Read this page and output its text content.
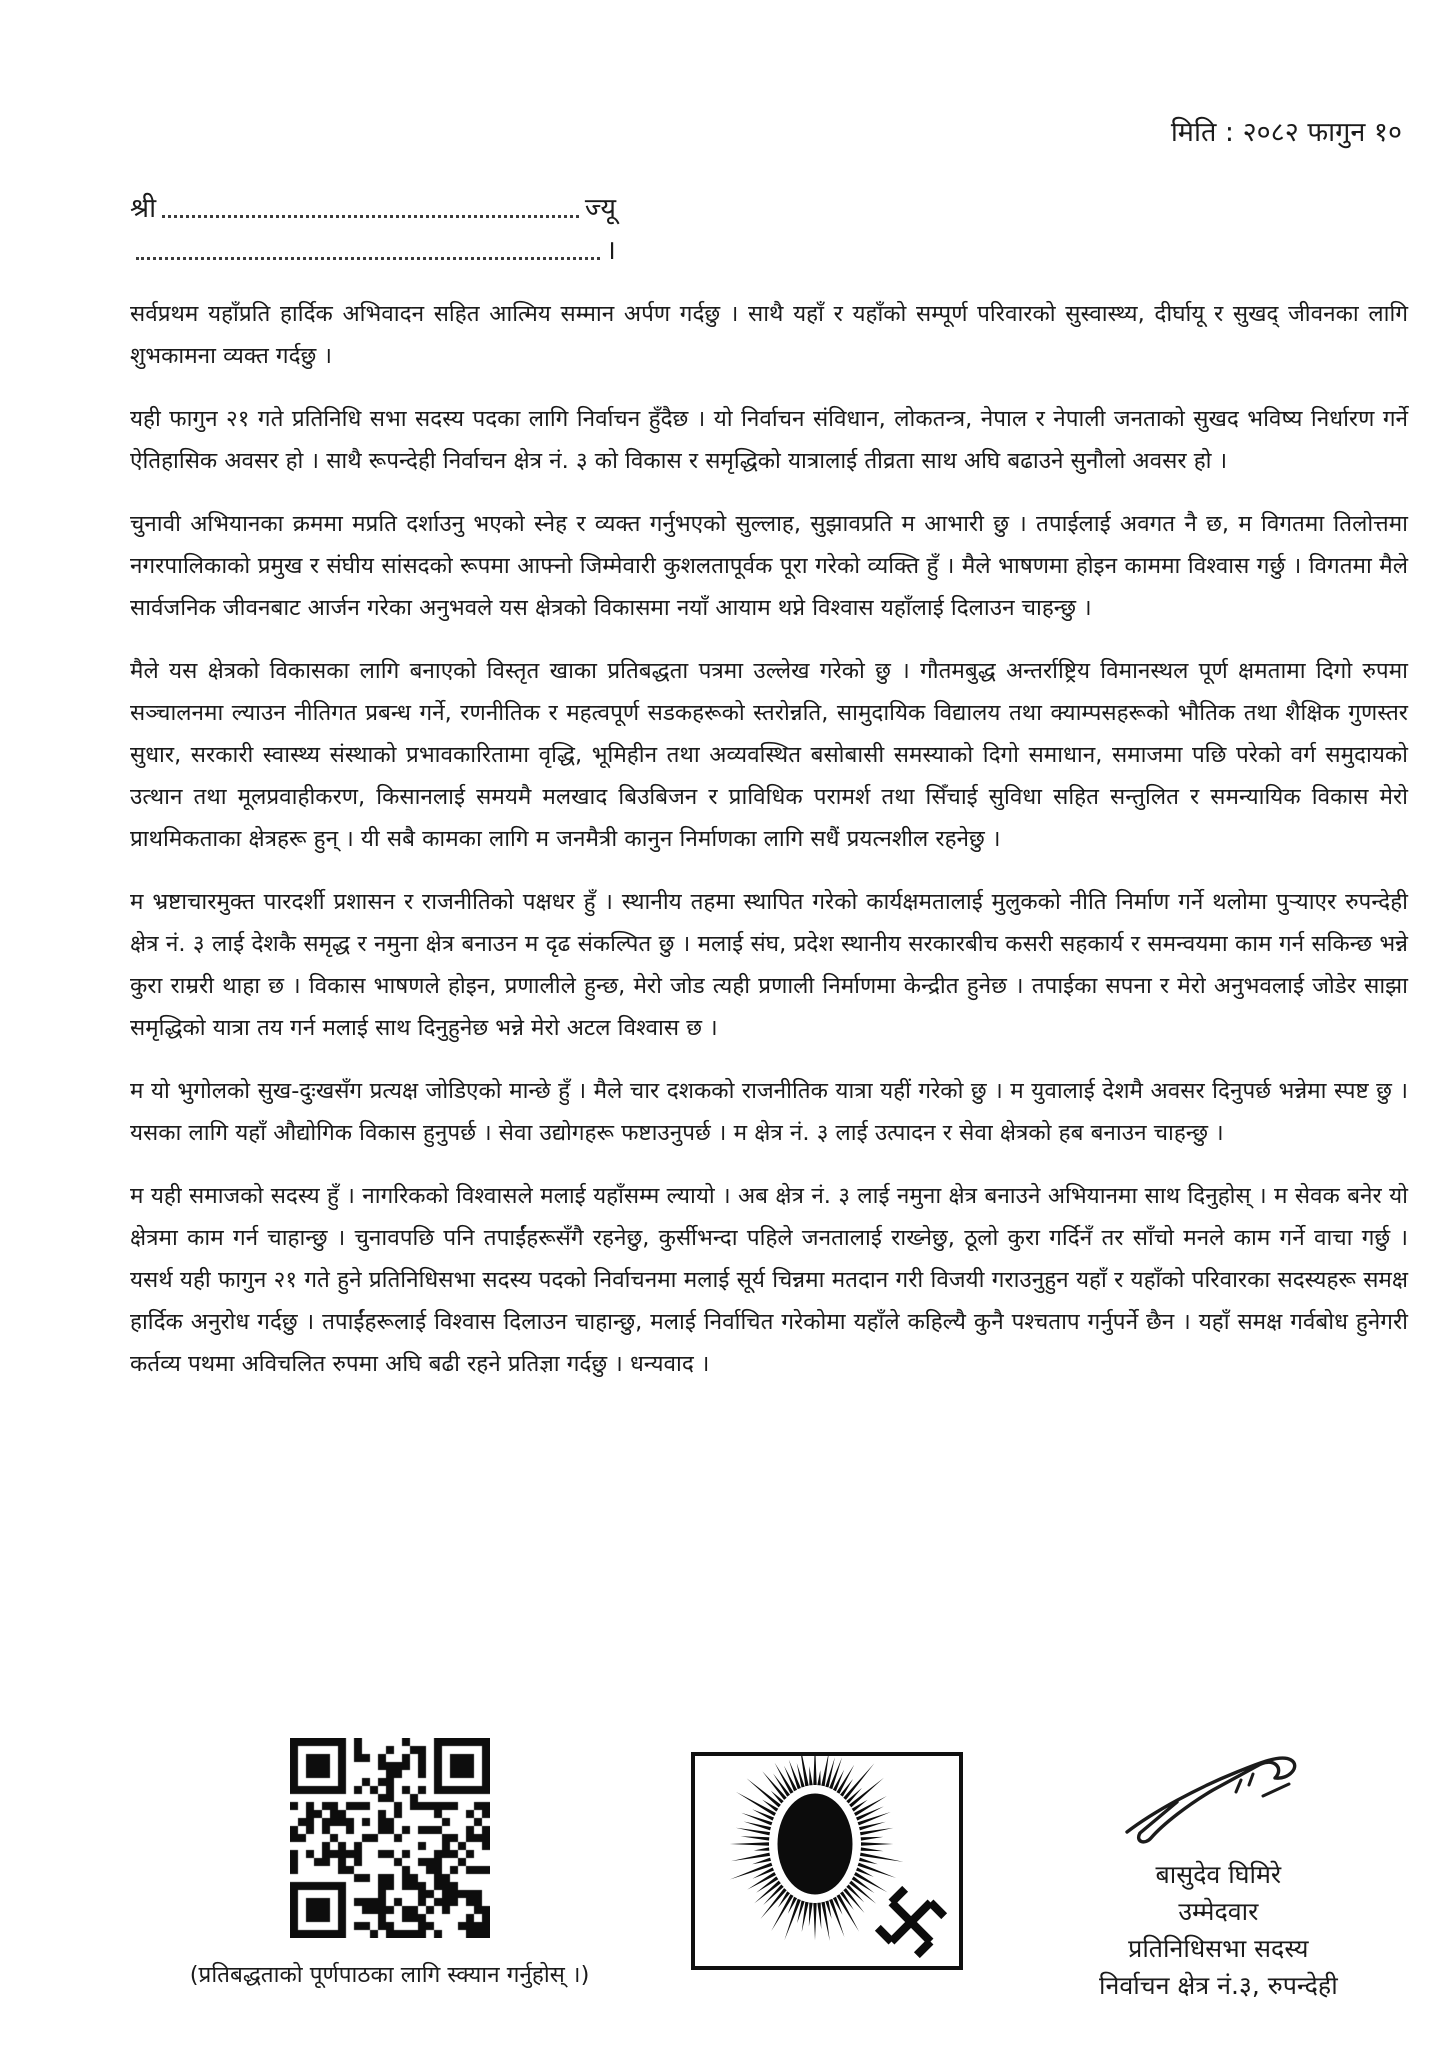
मिति : २०८२ फागुन १०
श्री	ज्यू
।

सर्वप्रथम यहाँप्रति हार्दिक अभिवादन सहित आत्मिय सम्मान अर्पण गर्दछु । साथै यहाँ र यहाँको सम्पूर्ण परिवारको सुस्वास्थ्य, दीर्घायू र सुखद् जीवनका लागि शुभकामना व्यक्त गर्दछु ।

यही फागुन २१ गते प्रतिनिधि सभा सदस्य पदका लागि निर्वाचन हुँदैछ । यो निर्वाचन संविधान, लोकतन्त्र, नेपाल र नेपाली जनताको सुखद भविष्य निर्धारण गर्ने ऐतिहासिक अवसर हो । साथै रूपन्देही निर्वाचन क्षेत्र नं. ३ को विकास र समृद्धिको यात्रालाई तीव्रता साथ अघि बढाउने सुनौलो अवसर हो ।

चुनावी अभियानका क्रममा मप्रति दर्शाउनु भएको स्नेह र व्यक्त गर्नुभएको सुल्लाह, सुझावप्रति म आभारी छु । तपाईलाई अवगत नै छ, म विगतमा तिलोत्तमा नगरपालिकाको प्रमुख र संघीय सांसदको रूपमा आफ्नो जिम्मेवारी कुशलतापूर्वक पूरा गरेको व्यक्ति हुँ । मैले भाषणमा होइन काममा विश्वास गर्छु । विगतमा मैले सार्वजनिक जीवनबाट आर्जन गरेका अनुभवले यस क्षेत्रको विकासमा नयाँ आयाम थप्ने विश्वास यहाँलाई दिलाउन चाहन्छु ।

मैले यस क्षेत्रको विकासका लागि बनाएको विस्तृत खाका प्रतिबद्धता पत्रमा उल्लेख गरेको छु । गौतमबुद्ध अन्तर्राष्ट्रिय विमानस्थल पूर्ण क्षमतामा दिगो रुपमा सञ्चालनमा ल्याउन नीतिगत प्रबन्ध गर्ने, रणनीतिक र महत्वपूर्ण सडकहरूको स्तरोन्नति, सामुदायिक विद्यालय तथा क्याम्पसहरूको भौतिक तथा शैक्षिक गुणस्तर सुधार, सरकारी स्वास्थ्य संस्थाको प्रभावकारितामा वृद्धि, भूमिहीन तथा अव्यवस्थित बसोबासी समस्याको दिगो समाधान, समाजमा पछि परेको वर्ग समुदायको उत्थान तथा मूलप्रवाहीकरण, किसानलाई समयमै मलखाद बिउबिजन र प्राविधिक परामर्श तथा सिँचाई सुविधा सहित सन्तुलित र समन्यायिक विकास मेरो प्राथमिकताका क्षेत्रहरू हुन् । यी सबै कामका लागि म जनमैत्री कानुन निर्माणका लागि सधैं प्रयत्नशील रहनेछु ।

म भ्रष्टाचारमुक्त पारदर्शी प्रशासन र राजनीतिको पक्षधर हुँ । स्थानीय तहमा स्थापित गरेको कार्यक्षमतालाई मुलुकको नीति निर्माण गर्ने थलोमा पुऱ्याएर रुपन्देही क्षेत्र नं. ३ लाई देशकै समृद्ध र नमुना क्षेत्र बनाउन म दृढ संकल्पित छु । मलाई संघ, प्रदेश स्थानीय सरकारबीच कसरी सहकार्य र समन्वयमा काम गर्न सकिन्छ भन्ने कुरा राम्ररी थाहा छ । विकास भाषणले होइन, प्रणालीले हुन्छ, मेरो जोड त्यही प्रणाली निर्माणमा केन्द्रीत हुनेछ । तपाईका सपना र मेरो अनुभवलाई जोडेर साझा समृद्धिको यात्रा तय गर्न मलाई साथ दिनुहुनेछ भन्ने मेरो अटल विश्वास छ ।

म यो भुगोलको सुख-दुःखसँग प्रत्यक्ष जोडिएको मान्छे हुँ । मैले चार दशकको राजनीतिक यात्रा यहीं गरेको छु । म युवालाई देशमै अवसर दिनुपर्छ भन्नेमा स्पष्ट छु । यसका लागि यहाँ औद्योगिक विकास हुनुपर्छ । सेवा उद्योगहरू फष्टाउनुपर्छ । म क्षेत्र नं. ३ लाई उत्पादन र सेवा क्षेत्रको हब बनाउन चाहन्छु ।

म यही समाजको सदस्य हुँ । नागरिकको विश्वासले मलाई यहाँसम्म ल्यायो । अब क्षेत्र नं. ३ लाई नमुना क्षेत्र बनाउने अभियानमा साथ दिनुहोस् । म सेवक बनेर यो क्षेत्रमा काम गर्न चाहान्छु । चुनावपछि पनि तपाईंहरूसँगै रहनेछु, कुर्सीभन्दा पहिले जनतालाई राख्नेछु, ठूलो कुरा गर्दिनँ तर साँचो मनले काम गर्ने वाचा गर्छु । यसर्थ यही फागुन २१ गते हुने प्रतिनिधिसभा सदस्य पदको निर्वाचनमा मलाई सूर्य चिन्नमा मतदान गरी विजयी गराउनुहुन यहाँ र यहाँको परिवारका सदस्यहरू समक्ष हार्दिक अनुरोध गर्दछु । तपाईंहरूलाई विश्वास दिलाउन चाहान्छु, मलाई निर्वाचित गरेकोमा यहाँले कहिल्यै कुनै पश्चताप गर्नुपर्ने छैन । यहाँ समक्ष गर्वबोध हुनेगरी कर्तव्य पथमा अविचलित रुपमा अघि बढी रहने प्रतिज्ञा गर्दछु । धन्यवाद ।

(प्रतिबद्धताको पूर्णपाठका लागि स्क्यान गर्नुहोस् ।)
बासुदेव घिमिरे
उम्मेदवार
प्रतिनिधिसभा सदस्य
निर्वाचन क्षेत्र नं.३, रुपन्देही
